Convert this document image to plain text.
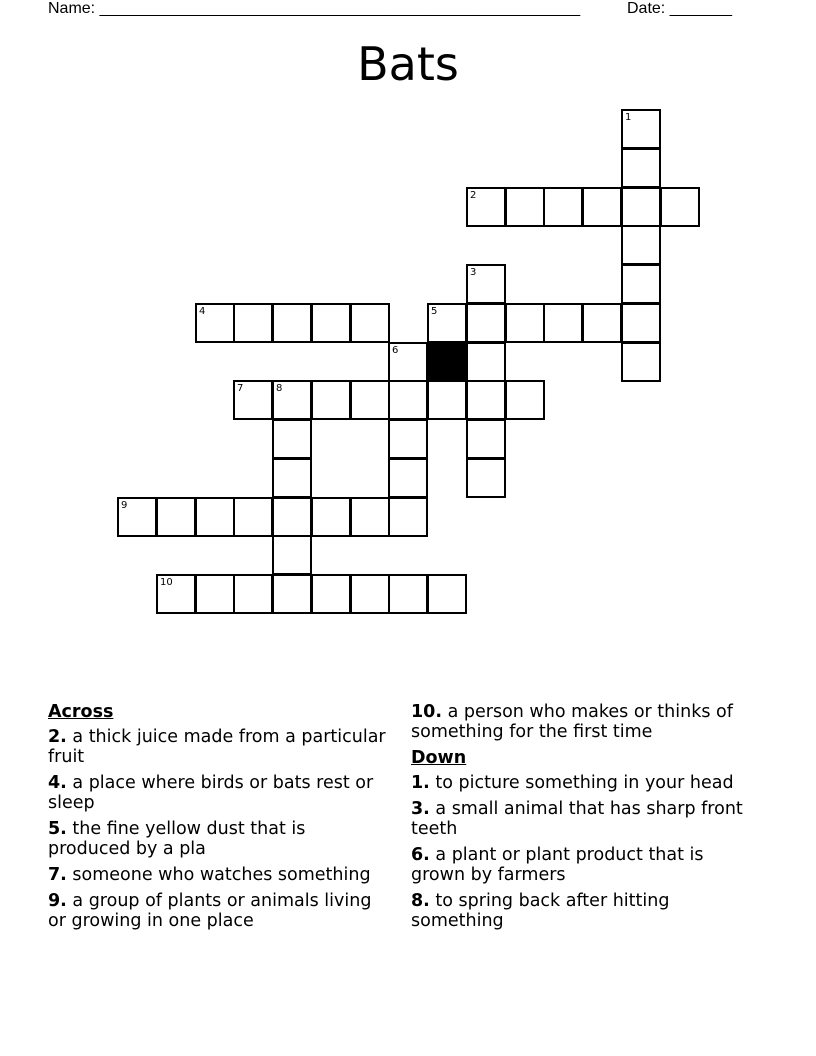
Name: ______________________________________________________	Date: _______
Bats
1
2
3
4	5
6
7	8
9
10
Across
2. a thick juice made from a particular fruit
4. a place where birds or bats rest or sleep
5. the fine yellow dust that is produced by a pla
7. someone who watches something
9. a group of plants or animals living or growing in one place
10. a person who makes or thinks of something for the first time
Down
1. to picture something in your head
3. a small animal that has sharp front teeth
6. a plant or plant product that is grown by farmers
8. to spring back after hitting something
